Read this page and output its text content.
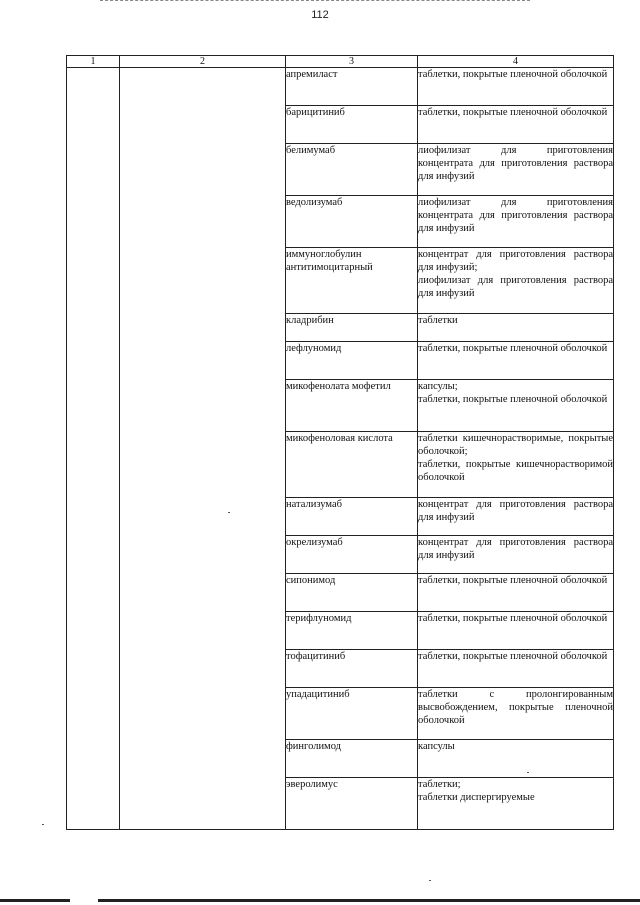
112
1	2	3	4
		апремиласт	таблетки, покрытые пленочной оболочкой

		барицитиниб	таблетки, покрытые пленочной оболочкой

		белимумаб	лиофилизат для приготовления концентрата для приготовления раствора для инфузий

		ведолизумаб	лиофилизат для приготовления концентрата для приготовления раствора для инфузий

		иммуноглобулин антитимоцитарный	концентрат для приготовления раствора для инфузий;
лиофилизат для приготовления раствора для инфузий

		кладрибин	таблетки

		лефлуномид	таблетки, покрытые пленочной оболочкой

		микофенолата мофетил	капсулы;
таблетки, покрытые пленочной оболочкой

		микофеноловая кислота	таблетки кишечнорастворимые, покрытые оболочкой;
таблетки, покрытые кишечнорастворимой оболочкой

		натализумаб	концентрат для приготовления раствора для инфузий

		окрелизумаб	концентрат для приготовления раствора для инфузий

		сипонимод	таблетки, покрытые пленочной оболочкой

		терифлуномид	таблетки, покрытые пленочной оболочкой

		тофацитиниб	таблетки, покрытые пленочной оболочкой

		упадацитиниб	таблетки с пролонгированным высвобождением, покрытые пленочной оболочкой

		финголимод	капсулы

		эверолимус	таблетки;
таблетки диспергируемые
